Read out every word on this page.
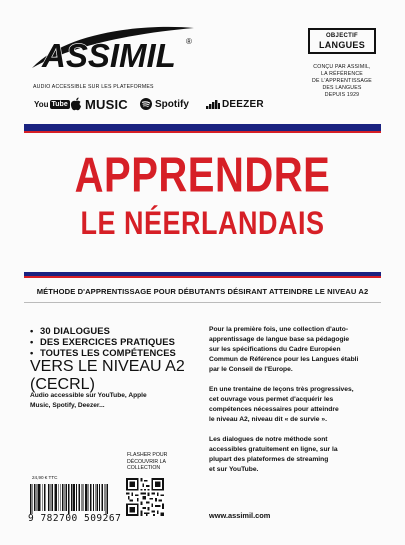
ASSIMIL ®
OBJECTIF
LANGUES
CONÇU PAR ASSIMIL,
LA RÉFÉRENCE
DE L'APPRENTISSAGE
DES LANGUES
DEPUIS 1929
AUDIO ACCESSIBLE SUR LES PLATEFORMES
You Tube MUSIC	Spotify	DEEZER
APPRENDRE
LE NÉERLANDAIS
MÉTHODE D'APPRENTISSAGE POUR DÉBUTANTS DÉSIRANT ATTEINDRE LE NIVEAU A2
• 30 DIALOGUES
• DES EXERCICES PRATIQUES
• TOUTES LES COMPÉTENCES
VERS LE NIVEAU A2 (CECRL)
Audio accessible sur YouTube, Apple
Music, Spotify, Deezer...
FLASHER POUR
DÉCOUVRIR LA
COLLECTION
24,90 € TTC
9 782700 509267
Pour la première fois, une collection d'auto-
apprentissage de langue base sa pédagogie
sur les spécifications du Cadre Européen
Commun de Référence pour les Langues établi
par le Conseil de l'Europe.
En une trentaine de leçons très progressives,
cet ouvrage vous permet d'acquérir les
compétences nécessaires pour atteindre
le niveau A2, niveau dit « de survie ».
Les dialogues de notre méthode sont
accessibles gratuitement en ligne, sur la
plupart des plateformes de streaming
et sur YouTube.
www.assimil.com
